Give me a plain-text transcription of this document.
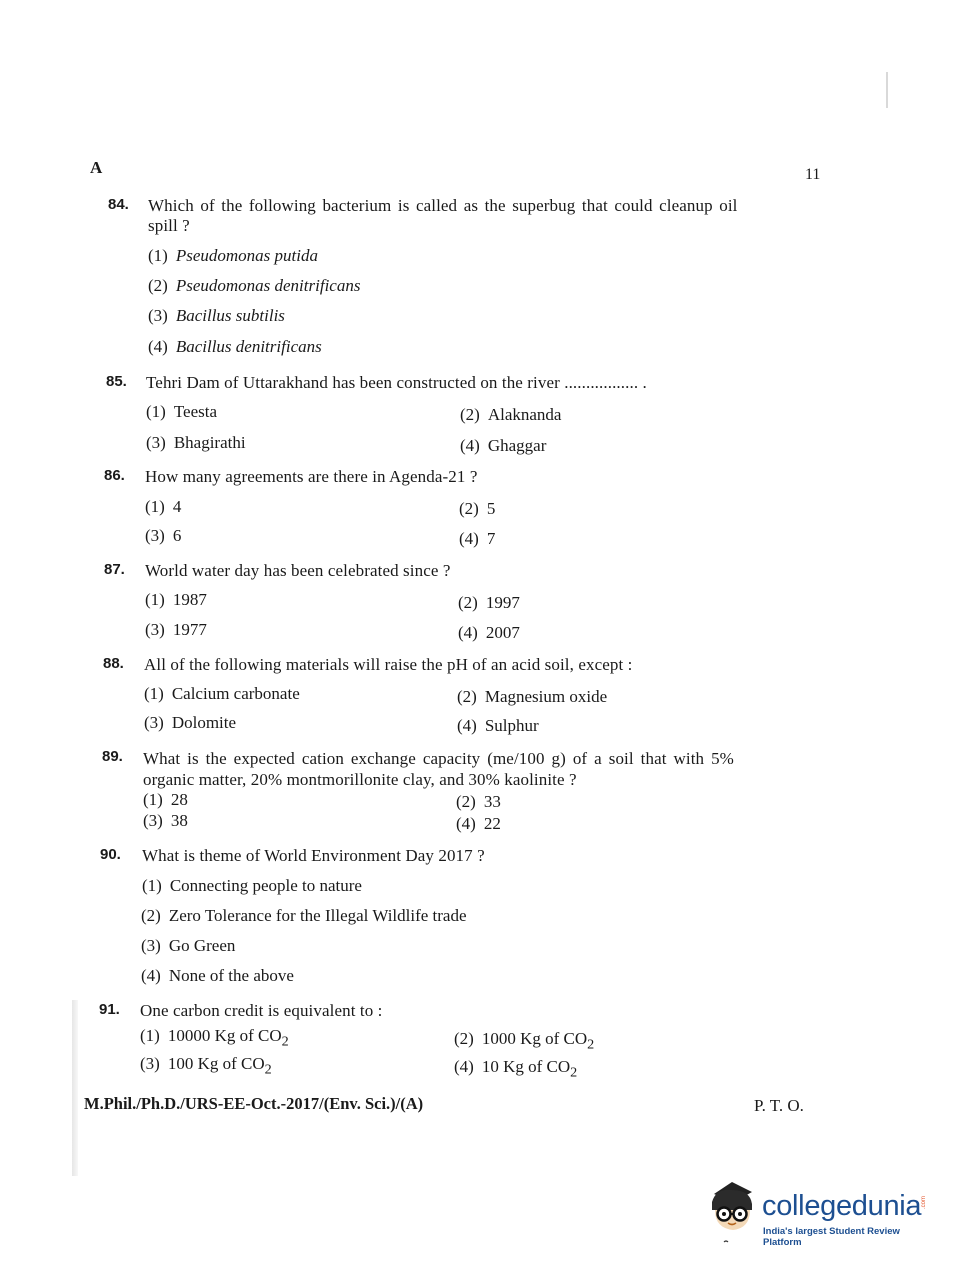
A	11
84. Which of the following bacterium is called as the superbug that could cleanup oil
spill ?
(1) Pseudomonas putida
(2) Pseudomonas denitrificans
(3) Bacillus subtilis
(4) Bacillus denitrificans
85. Tehri Dam of Uttarakhand has been constructed on the river ................. .
(1) Teesta	(2) Alaknanda
(3) Bhagirathi	(4) Ghaggar
86. How many agreements are there in Agenda-21 ?
(1) 4	(2) 5
(3) 6	(4) 7
87. World water day has been celebrated since ?
(1) 1987	(2) 1997
(3) 1977	(4) 2007
88. All of the following materials will raise the pH of an acid soil, except :
(1) Calcium carbonate	(2) Magnesium oxide
(3) Dolomite	(4) Sulphur
89. What is the expected cation exchange capacity (me/100 g) of a soil that with 5%
organic matter, 20% montmorillonite clay, and 30% kaolinite ?
(1) 28	(2) 33
(3) 38	(4) 22
90. What is theme of World Environment Day 2017 ?
(1) Connecting people to nature
(2) Zero Tolerance for the Illegal Wildlife trade
(3) Go Green
(4) None of the above
91. One carbon credit is equivalent to :
(1) 10000 Kg of $CO_2$	(2) 1000 Kg of $CO_2$
(3) 100 Kg of $CO_2$	(4) 10 Kg of $CO_2$
M.Phil./Ph.D./URS-EE-Oct.-2017/(Env. Sci.)/(A)	P. T. O.
collegedunia .com
India's largest Student Review Platform
